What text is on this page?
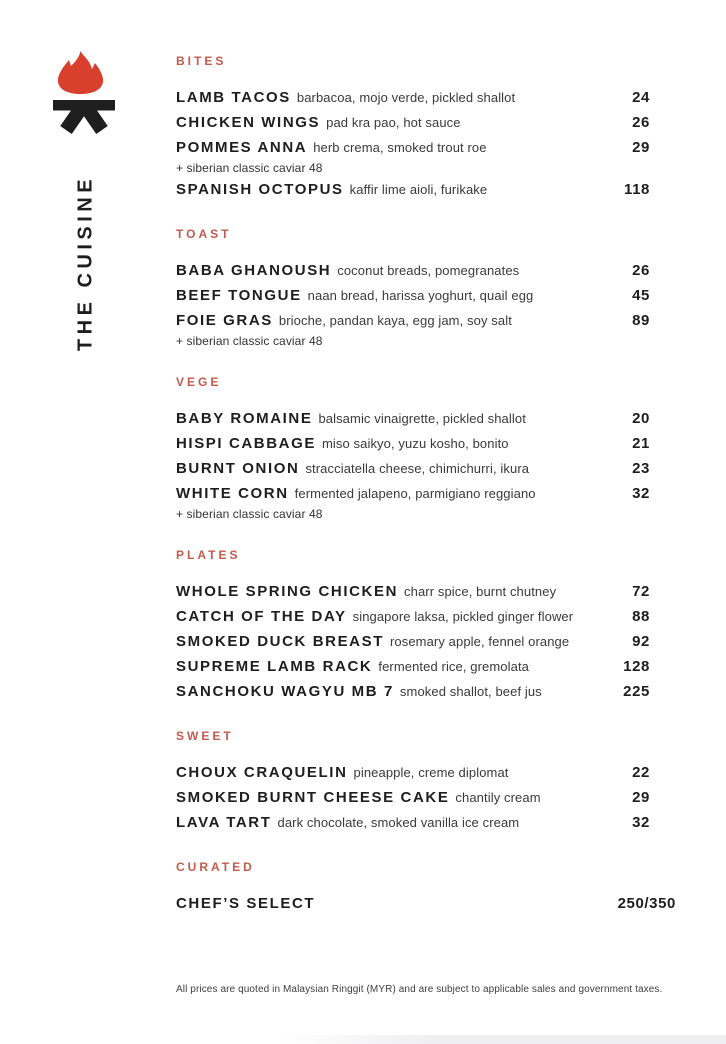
THE CUISINE
BITES
LAMB TACOS barbacoa, mojo verde, pickled shallot	24
CHICKEN WINGS pad kra pao, hot sauce	26
POMMES ANNA herb crema, smoked trout roe	29
+ siberian classic caviar 48
SPANISH OCTOPUS kaffir lime aioli, furikake	118
TOAST
BABA GHANOUSH coconut breads, pomegranates	26
BEEF TONGUE naan bread, harissa yoghurt, quail egg	45
FOIE GRAS brioche, pandan kaya, egg jam, soy salt	89
+ siberian classic caviar 48
VEGE
BABY ROMAINE balsamic vinaigrette, pickled shallot	20
HISPI CABBAGE miso saikyo, yuzu kosho, bonito	21
BURNT ONION stracciatella cheese, chimichurri, ikura	23
WHITE CORN fermented jalapeno, parmigiano reggiano	32
+ siberian classic caviar 48
PLATES
WHOLE SPRING CHICKEN charr spice, burnt chutney	72
CATCH OF THE DAY singapore laksa, pickled ginger flower	88
SMOKED DUCK BREAST rosemary apple, fennel orange	92
SUPREME LAMB RACK fermented rice, gremolata	128
SANCHOKU WAGYU MB 7 smoked shallot, beef jus	225
SWEET
CHOUX CRAQUELIN pineapple, creme diplomat	22
SMOKED BURNT CHEESE CAKE chantily cream	29
LAVA TART dark chocolate, smoked vanilla ice cream	32
CURATED
CHEF’S SELECT	250/350
All prices are quoted in Malaysian Ringgit (MYR) and are subject to applicable sales and government taxes.
